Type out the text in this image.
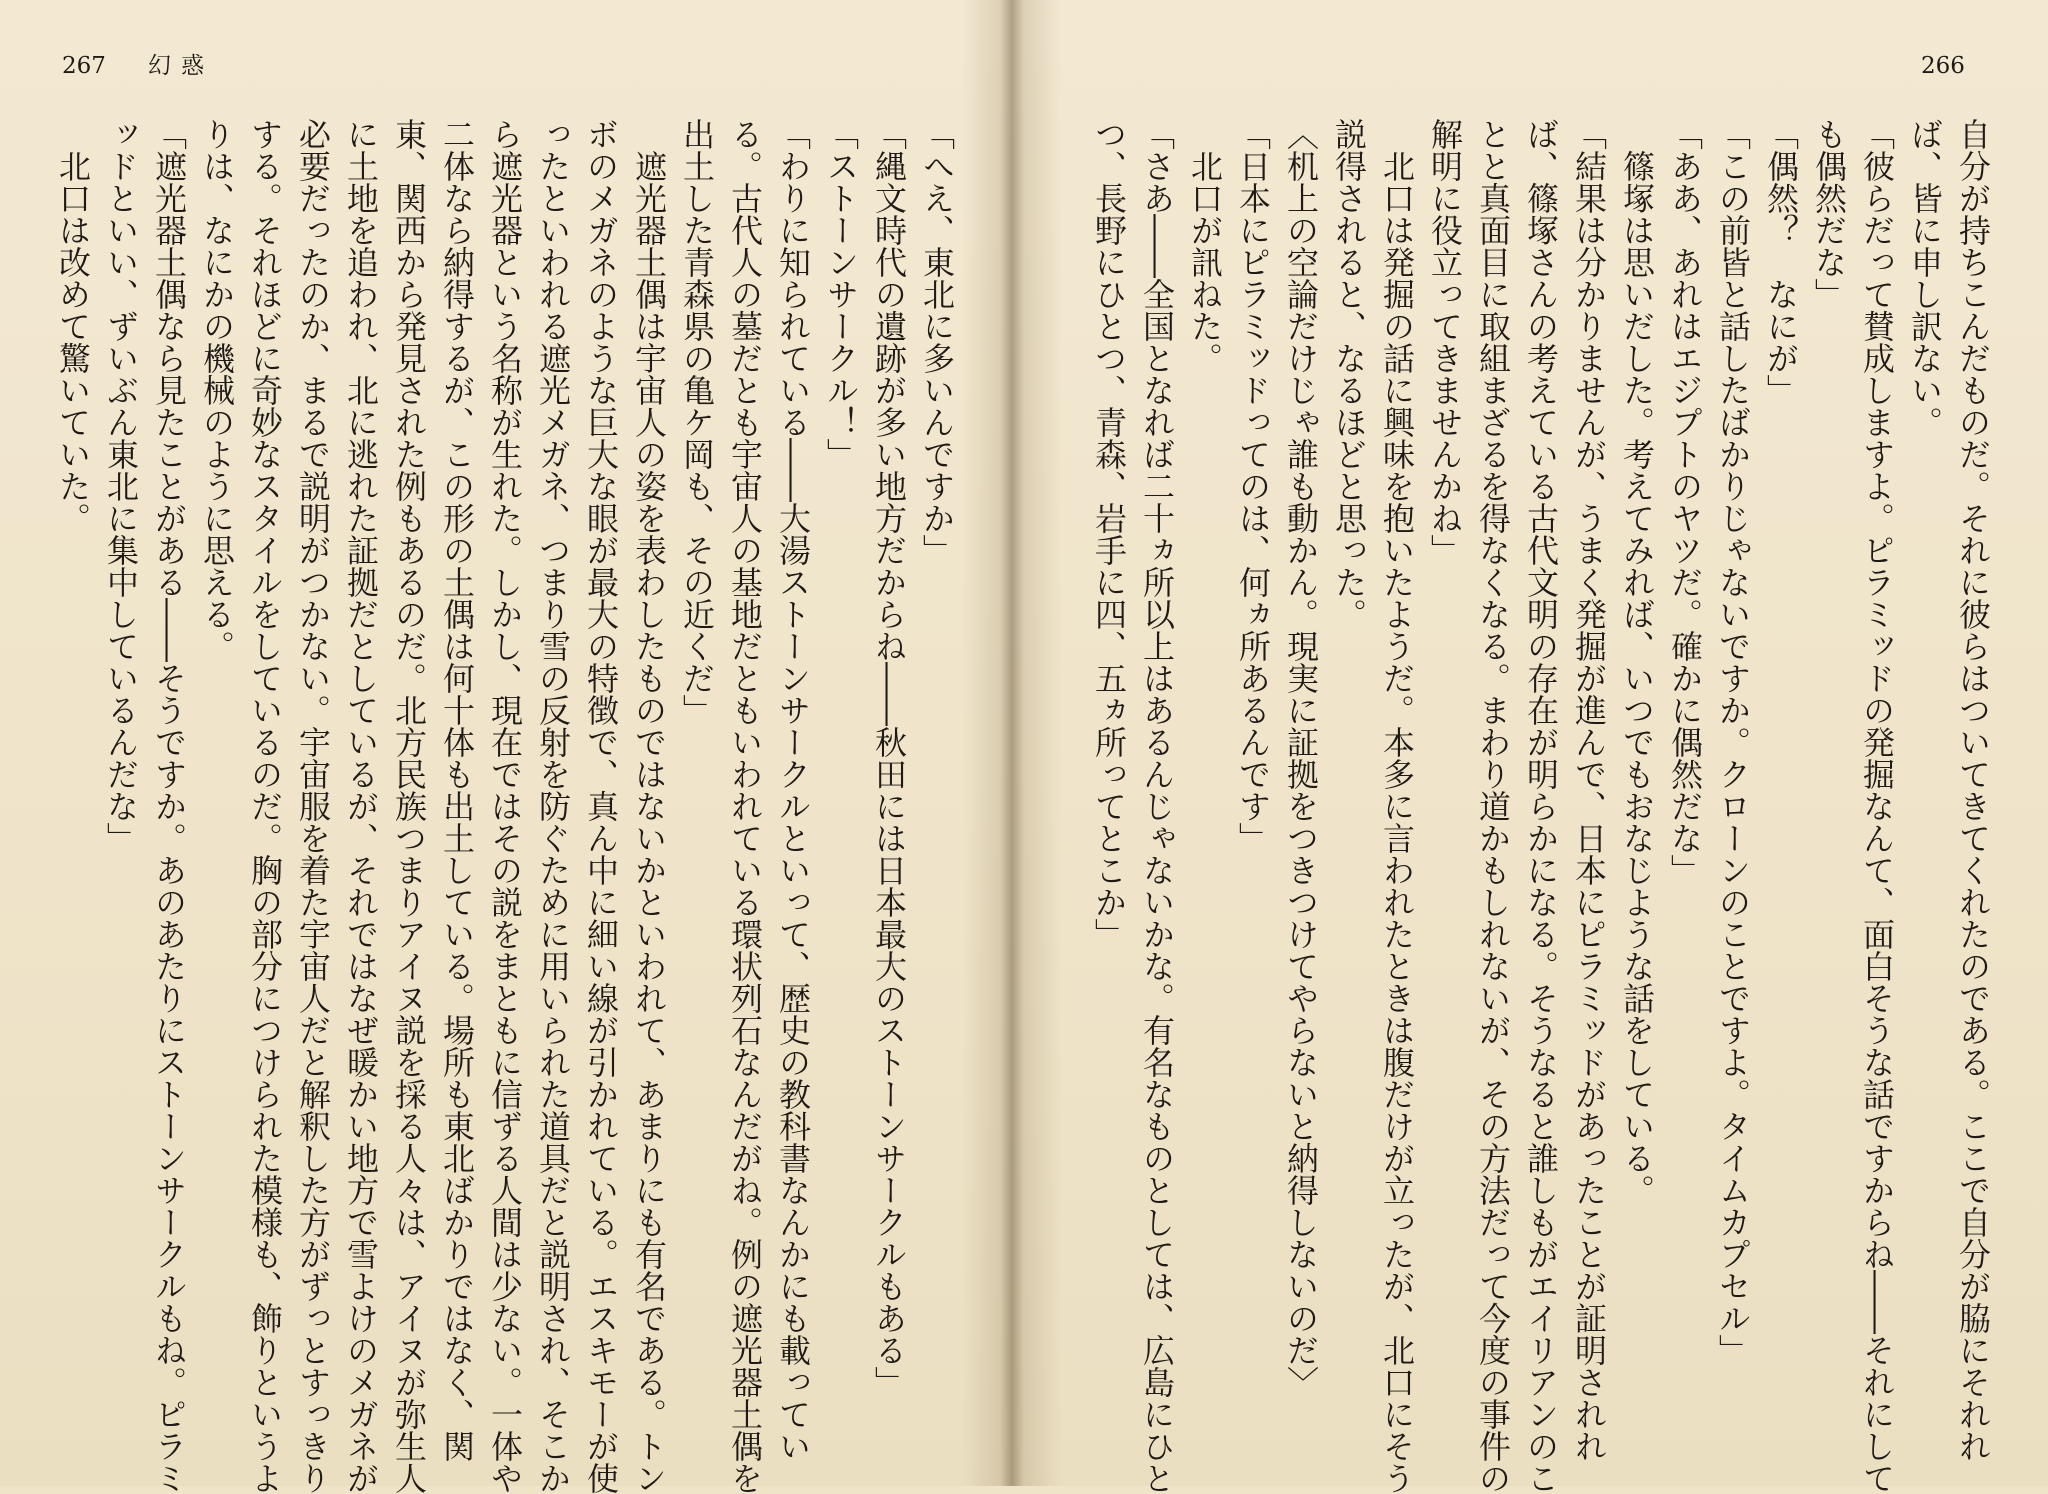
267 幻惑
「へえ、東北に多いんですか」
「縄文時代の遺跡が多い地方だからね――秋田には日本最大のストーンサークルもある」
「ストーンサークル！」
「わりに知られている――大湯ストーンサークルといって、歴史の教科書なんかにも載ってい
る。古代人の墓だとも宇宙人の基地だともいわれている環状列石なんだがね。例の遮光器土偶を
出土した青森県の亀ケ岡も、その近くだ」
遮光器土偶は宇宙人の姿を表わしたものではないかといわれて、あまりにも有名である。トン
ボのメガネのような巨大な眼が最大の特徴で、真ん中に細い線が引かれている。エスキモーが使
ったといわれる遮光メガネ、つまり雪の反射を防ぐために用いられた道具だと説明され、そこか
ら遮光器という名称が生れた。しかし、現在ではその説をまともに信ずる人間は少ない。一体や
二体なら納得するが、この形の土偶は何十体も出土している。場所も東北ばかりではなく、関
東、関西から発見された例もあるのだ。北方民族つまりアイヌ説を採る人々は、アイヌが弥生人
に土地を追われ、北に逃れた証拠だとしているが、それではなぜ暖かい地方で雪よけのメガネが
必要だったのか、まるで説明がつかない。宇宙服を着た宇宙人だと解釈した方がずっとすっきり
する。それほどに奇妙なスタイルをしているのだ。胸の部分につけられた模様も、飾りというよ
りは、なにかの機械のように思える。
「遮光器土偶なら見たことがある――そうですか。あのあたりにストーンサークルもね。ピラミ
ッドといい、ずいぶん東北に集中しているんだな」
北口は改めて驚いていた。
266
自分が持ちこんだものだ。それに彼らはついてきてくれたのである。ここで自分が脇にそれれ
ば、皆に申し訳ない。
「彼らだって賛成しますよ。ピラミッドの発掘なんて、面白そうな話ですからね――それにして
も偶然だな」
「偶然？　なにが」
「この前皆と話したばかりじゃないですか。クローンのことですよ。タイムカプセル」
「ああ、あれはエジプトのヤツだ。確かに偶然だな」
篠塚は思いだした。考えてみれば、いつでもおなじような話をしている。
「結果は分かりませんが、うまく発掘が進んで、日本にピラミッドがあったことが証明されれ
ば、篠塚さんの考えている古代文明の存在が明らかになる。そうなると誰しもがエイリアンのこ
とと真面目に取組まざるを得なくなる。まわり道かもしれないが、その方法だって今度の事件の
解明に役立ってきませんかね」
北口は発掘の話に興味を抱いたようだ。本多に言われたときは腹だけが立ったが、北口にそう
説得されると、なるほどと思った。
〈机上の空論だけじゃ誰も動かん。現実に証拠をつきつけてやらないと納得しないのだ〉
「日本にピラミッドってのは、何ヵ所あるんです」
北口が訊ねた。
「さあ――全国となれば二十ヵ所以上はあるんじゃないかな。有名なものとしては、広島にひと
つ、長野にひとつ、青森、岩手に四、五ヵ所ってとこか」
